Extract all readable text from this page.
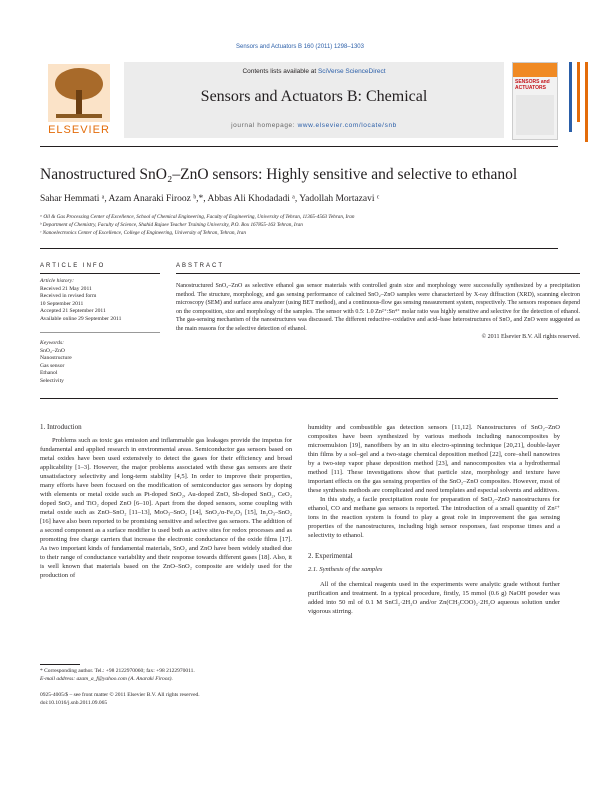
Sensors and Actuators B 160 (2011) 1298–1303
ELSEVIER
Contents lists available at SciVerse ScienceDirect
Sensors and Actuators B: Chemical
journal homepage: www.elsevier.com/locate/snb
SENSORS and ACTUATORS
Nanostructured SnO₂–ZnO sensors: Highly sensitive and selective to ethanol
Sahar Hemmati ᵃ, Azam Anaraki Firooz ᵇ,*, Abbas Ali Khodadadi ᵃ, Yadollah Mortazavi ᶜ
ᵃ Oil & Gas Processing Center of Excellence, School of Chemical Engineering, Faculty of Engineering, University of Tehran, 11365-4563 Tehran, Iran
ᵇ Department of Chemistry, Faculty of Science, Shahid Rajaee Teacher Training University, P.O. Box 167855-163 Tehran, Iran
ᶜ Nanoelectronics Center of Excellence, College of Engineering, University of Tehran, Tehran, Iran
ARTICLE INFO	ABSTRACT
Article history:
Received 21 May 2011
Received in revised form
10 September 2011
Accepted 21 September 2011
Available online 29 September 2011
Keywords:
SnO₂–ZnO
Nanostructure
Gas sensor
Ethanol
Selectivity
Nanostructured SnO₂–ZnO as selective ethanol gas sensor materials with controlled grain size and morphology were successfully synthesized by a precipitation method. The structure, morphology, and gas sensing performance of calcined SnO₂–ZnO samples were characterized by X-ray diffraction (XRD), scanning electron microscopy (SEM) and surface area analyzer (using BET method), and a continuous-flow gas sensing measurement system, respectively. The sensors responses depend on the composition, size and morphology of the samples. The sensor with 0.5: 1.0 Zn²⁺:Sn⁴⁺ molar ratio was highly sensitive and selective for the detection of ethanol. The gas-sensing mechanism of the nanostructures was discussed. The different reductive–oxidative and acid–base heterostructures of SnO₂ and ZnO were suggested as the main reasons for the selective detection of ethanol.
© 2011 Elsevier B.V. All rights reserved.
1. Introduction

Problems such as toxic gas emission and inflammable gas leakages provide the impetus for fundamental and applied research in environmental areas. Semiconductor gas sensors based on metal oxides have been used extensively to detect the gases for their efficiency and broad applicability [1–3]. However, the major problems associated with these gas sensors are their unsatisfactory selectivity and long-term stability [4,5]. In order to improve their properties, many efforts have been focused on the modification of semiconductor gas sensors by doping with elements or metal oxide such as Pt-doped SnO₂, Au-doped ZnO, Sb-doped SnO₂, CeO₂ doped SnO₂ and TiO₂ doped ZnO [6–10]. Apart from the doped sensors, some coupling with metal oxide such as ZnO–SnO₂ [11–13], MoO₃–SnO₂ [14], SnO₂/α-Fe₂O₃ [15], In₂O₃–SnO₂ [16] have also been reported to be promising sensitive and selective gas sensors. The addition of a second component as a surface modifier is used both as active sites for redox processes and as promoting free charge carriers that increase the electronic conductance of the oxide films [17]. As two important kinds of fundamental materials, SnO₂ and ZnO have been widely studied due to their range of conductance variability and their response towards different gases [18]. Also, it is well known that materials based on the ZnO–SnO₂ composite are widely used for the production of

humidity and combustible gas detection sensors [11,12]. Nanostructures of SnO₂–ZnO composites have been synthesized by various methods including nanocomposites by microemulsion [19], nanofibers by an in situ electro-spinning technique [20,21], double-layer thin films by a sol–gel and a two-stage chemical deposition method [22], core–shell nanowires by a two-step vapor phase deposition method [23], and nanocomposites via a hydrothermal method [11]. These investigations show that particle size, morphology and texture have important effects on the gas sensing properties of the SnO₂–ZnO composites. However, most of these synthesis methods are complicated and need templates and especial solvents and additives.

In this study, a facile precipitation route for preparation of SnO₂–ZnO nanostructures for ethanol, CO and methane gas sensors is reported. The introduction of a small quantity of Zn²⁺ ions in the reaction system is found to play a great role in improvement the gas sensing properties of the nanostructures, including high sensor responses, fast response times and a selectivity to ethanol.

2. Experimental
2.1. Synthesis of the samples

All of the chemical reagents used in the experiments were analytic grade without further purification and treatment. In a typical procedure, firstly, 15 mmol (0.6 g) NaOH powder was added into 50 ml of 0.1 M SnCl₂·2H₂O and/or Zn(CH₃COO)₂·2H₂O aqueous solution under vigorous stirring.

* Corresponding author. Tel.: +98 2122970060; fax: +98 2122970011.
E-mail address: azam_a_f@yahoo.com (A. Anaraki Firooz).
0925-4005/$ – see front matter © 2011 Elsevier B.V. All rights reserved.
doi:10.1016/j.snb.2011.09.065
